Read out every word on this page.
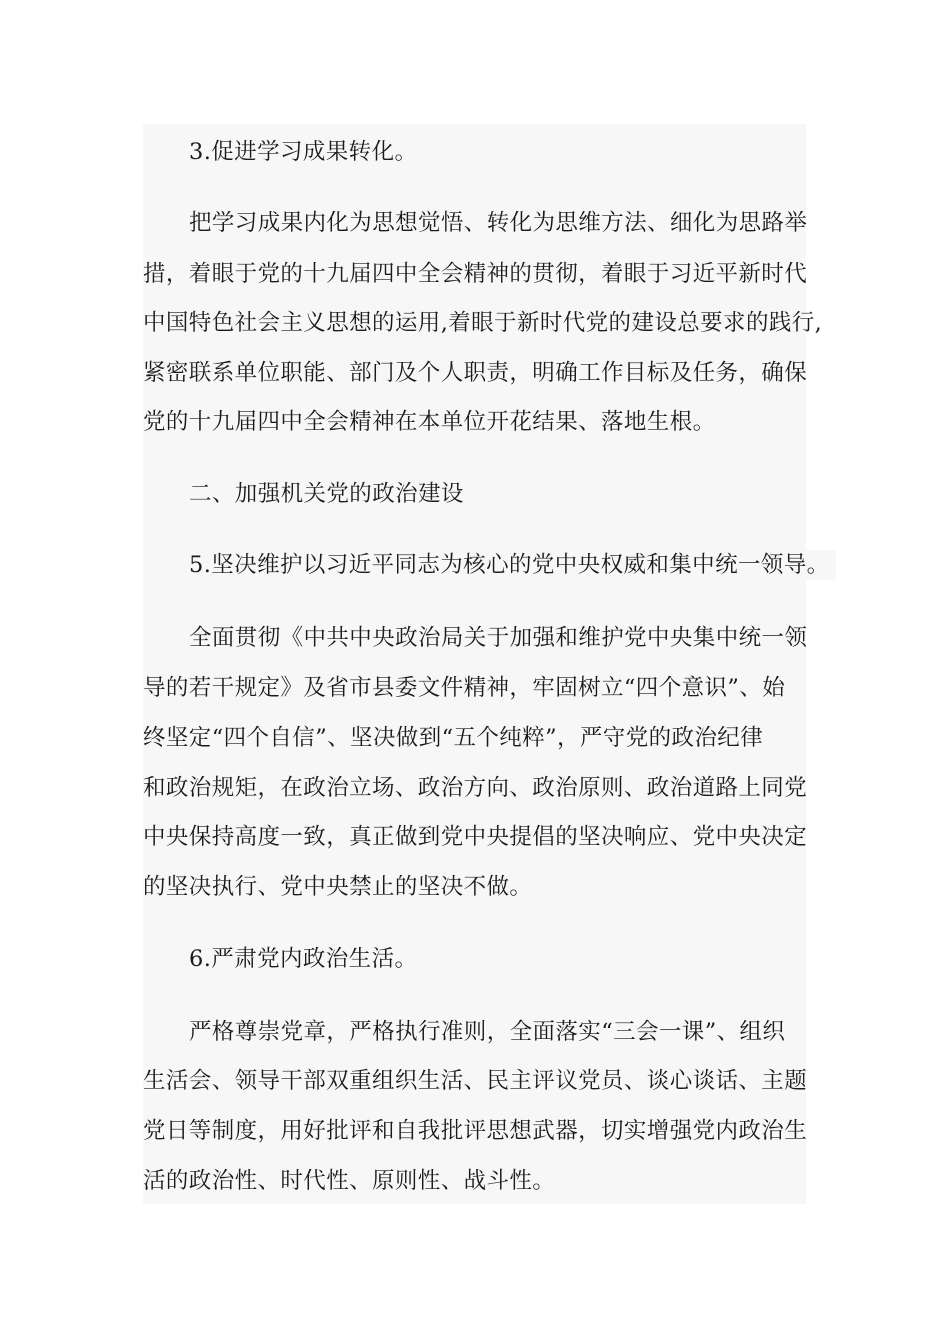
3.促进学习成果转化。
把学习成果内化为思想觉悟、转化为思维方法、细化为思路举
措，着眼于党的十九届四中全会精神的贯彻，着眼于习近平新时代
中国特色社会主义思想的运用,着眼于新时代党的建设总要求的践行,
紧密联系单位职能、部门及个人职责，明确工作目标及任务，确保
党的十九届四中全会精神在本单位开花结果、落地生根。
二、加强机关党的政治建设
5.坚决维护以习近平同志为核心的党中央权威和集中统一领导。
全面贯彻《中共中央政治局关于加强和维护党中央集中统一领
导的若干规定》及省市县委文件精神，牢固树立“四个意识”、始
终坚定“四个自信”、坚决做到“五个纯粹”，严守党的政治纪律
和政治规矩，在政治立场、政治方向、政治原则、政治道路上同党
中央保持高度一致，真正做到党中央提倡的坚决响应、党中央决定
的坚决执行、党中央禁止的坚决不做。
6.严肃党内政治生活。
严格尊崇党章，严格执行准则，全面落实“三会一课”、组织
生活会、领导干部双重组织生活、民主评议党员、谈心谈话、主题
党日等制度，用好批评和自我批评思想武器，切实增强党内政治生
活的政治性、时代性、原则性、战斗性。
